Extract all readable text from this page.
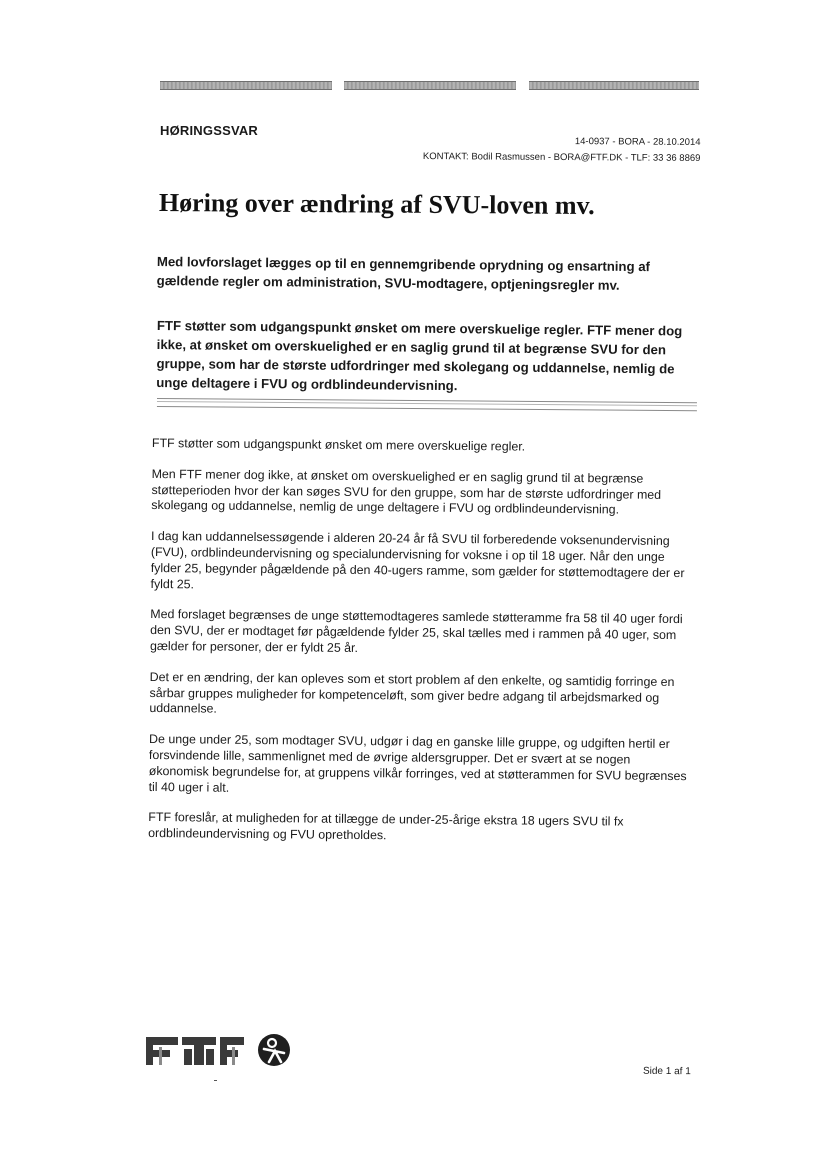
HØRINGSSVAR
14-0937 - BORA - 28.10.2014
KONTAKT: Bodil Rasmussen - BORA@FTF.DK - TLF: 33 36 8869
Høring over ændring af SVU-loven mv.
Med lovforslaget lægges op til en gennemgribende oprydning og ensartning af gældende regler om administration, SVU-modtagere, optjeningsregler mv.
FTF støtter som udgangspunkt ønsket om mere overskuelige regler. FTF mener dog ikke, at ønsket om overskuelighed er en saglig grund til at begrænse SVU for den gruppe, som har de største udfordringer med skolegang og uddannelse, nemlig de unge deltagere i FVU og ordblindeundervisning.

FTF støtter som udgangspunkt ønsket om mere overskuelige regler.

Men FTF mener dog ikke, at ønsket om overskuelighed er en saglig grund til at begrænse støtteperioden hvor der kan søges SVU for den gruppe, som har de største udfordringer med skolegang og uddannelse, nemlig de unge deltagere i FVU og ordblindeundervisning.

I dag kan uddannelsessøgende i alderen 20-24 år få SVU til forberedende voksenundervisning (FVU), ordblindeundervisning og specialundervisning for voksne i op til 18 uger. Når den unge fylder 25, begynder pågældende på den 40-ugers ramme, som gælder for støttemodtagere der er fyldt 25.

Med forslaget begrænses de unge støttemodtageres samlede støtteramme fra 58 til 40 uger fordi den SVU, der er modtaget før pågældende fylder 25, skal tælles med i rammen på 40 uger, som gælder for personer, der er fyldt 25 år.

Det er en ændring, der kan opleves som et stort problem af den enkelte, og samtidig forringe en sårbar gruppes muligheder for kompetenceløft, som giver bedre adgang til arbejdsmarked og uddannelse.

De unge under 25, som modtager SVU, udgør i dag en ganske lille gruppe, og udgiften hertil er forsvindende lille, sammenlignet med de øvrige aldersgrupper. Det er svært at se nogen økonomisk begrundelse for, at gruppens vilkår forringes, ved at støtterammen for SVU begrænses til 40 uger i alt.

FTF foreslår, at muligheden for at tillægge de under-25-årige ekstra 18 ugers SVU til fx ordblindeundervisning og FVU opretholdes.

FTF
Side 1 af 1
